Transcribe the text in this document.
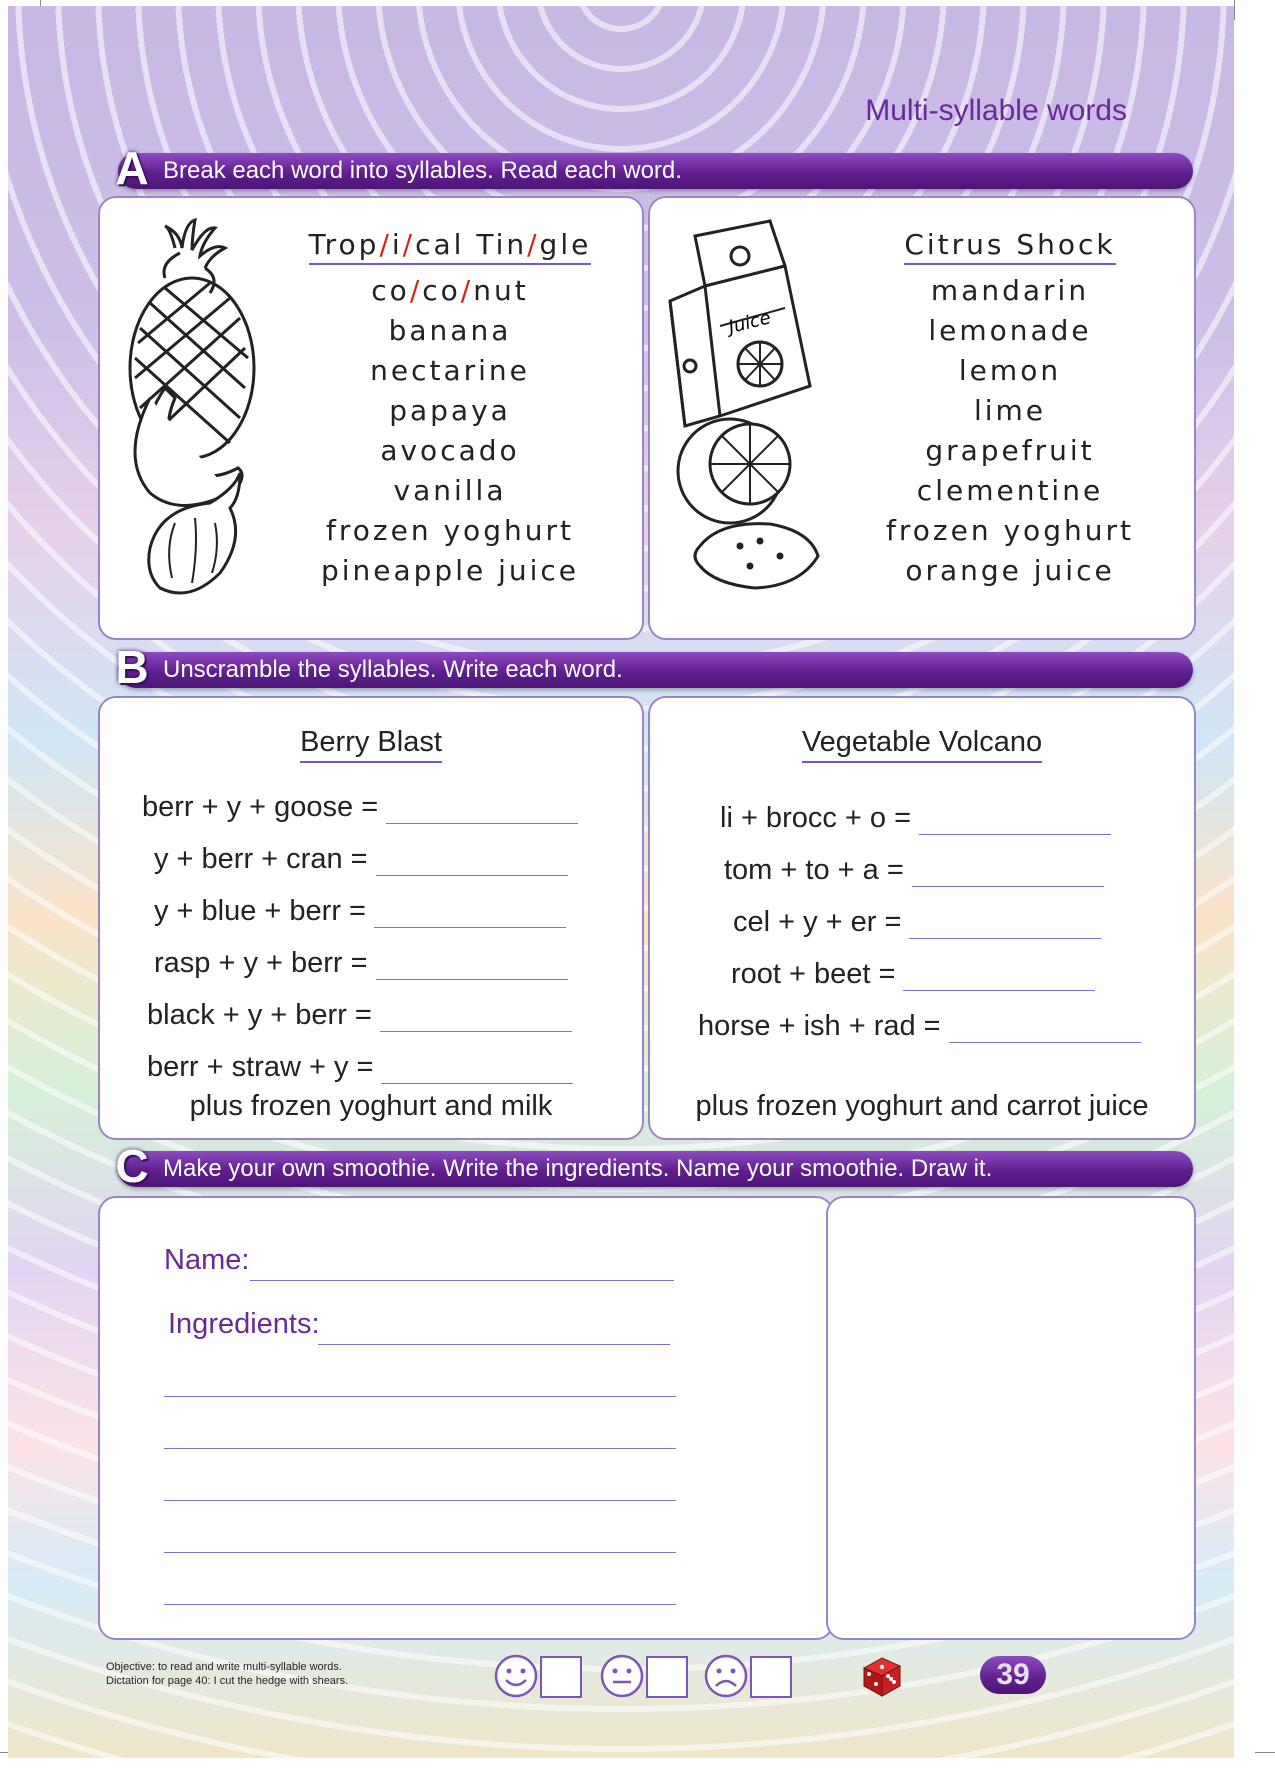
Multi-syllable words
A Break each word into syllables. Read each word.
Trop/i/cal Tin/gle
co/co/nut
banana
nectarine
papaya
avocado
vanilla
frozen yoghurt
pineapple juice
Juice
Citrus Shock
mandarin
lemonade
lemon
lime
grapefruit
clementine
frozen yoghurt
orange juice
B Unscramble the syllables. Write each word.
Berry Blast
berr + y + goose =
y + berr + cran =
y + blue + berr =
rasp + y + berr =
black + y + berr =
berr + straw + y =
plus frozen yoghurt and milk
Vegetable Volcano
li + brocc + o =
tom + to + a =
cel + y + er =
root + beet =
horse + ish + rad =
plus frozen yoghurt and carrot juice
C Make your own smoothie. Write the ingredients. Name your smoothie. Draw it.
Name:
Ingredients:
Objective: to read and write multi-syllable words.
Dictation for page 40: I cut the hedge with shears.	39
